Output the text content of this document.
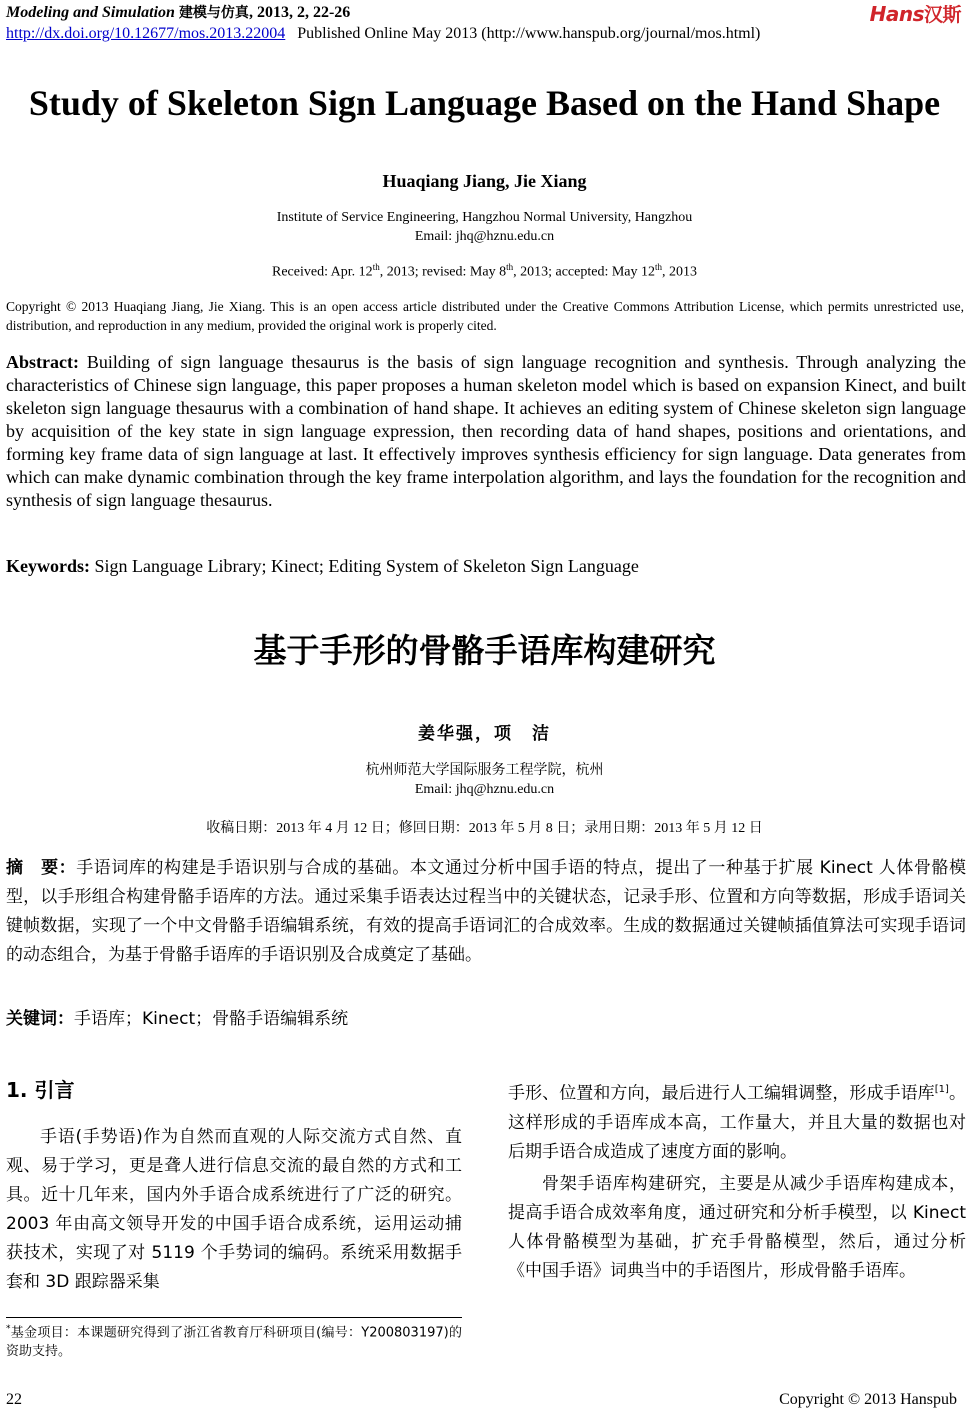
Modeling and Simulation 建模与仿真, 2013, 2, 22-26
http://dx.doi.org/10.12677/mos.2013.22004 Published Online May 2013 (http://www.hanspub.org/journal/mos.html)
Hans汉斯
Study of Skeleton Sign Language Based on the Hand Shape
Huaqiang Jiang, Jie Xiang
Institute of Service Engineering, Hangzhou Normal University, Hangzhou
Email: jhq@hznu.edu.cn
Received: Apr. 12th, 2013; revised: May 8th, 2013; accepted: May 12th, 2013
Copyright © 2013 Huaqiang Jiang, Jie Xiang. This is an open access article distributed under the Creative Commons Attribution License, which permits unrestricted use, distribution, and reproduction in any medium, provided the original work is properly cited.
Abstract: Building of sign language thesaurus is the basis of sign language recognition and synthesis. Through analyzing the characteristics of Chinese sign language, this paper proposes a human skeleton model which is based on expansion Kinect, and built skeleton sign language thesaurus with a combination of hand shape. It achieves an editing system of Chinese skeleton sign language by acquisition of the key state in sign language expression, then recording data of hand shapes, positions and orientations, and forming key frame data of sign language at last. It effectively improves synthesis efficiency for sign language. Data generates from which can make dynamic combination through the key frame interpolation algorithm, and lays the foundation for the recognition and synthesis of sign language thesaurus.
Keywords: Sign Language Library; Kinect; Editing System of Skeleton Sign Language
基于手形的骨骼手语库构建研究
姜华强，项　洁
杭州师范大学国际服务工程学院，杭州
Email: jhq@hznu.edu.cn
收稿日期：2013 年 4 月 12 日；修回日期：2013 年 5 月 8 日；录用日期：2013 年 5 月 12 日
摘　要：手语词库的构建是手语识别与合成的基础。本文通过分析中国手语的特点，提出了一种基于扩展 Kinect 人体骨骼模型，以手形组合构建骨骼手语库的方法。通过采集手语表达过程当中的关键状态，记录手形、位置和方向等数据，形成手语词关键帧数据，实现了一个中文骨骼手语编辑系统，有效的提高手语词汇的合成效率。生成的数据通过关键帧插值算法可实现手语词的动态组合，为基于骨骼手语库的手语识别及合成奠定了基础。
关键词：手语库；Kinect；骨骼手语编辑系统
1. 引言
手语(手势语)作为自然而直观的人际交流方式自然、直观、易于学习，更是聋人进行信息交流的最自然的方式和工具。近十几年来，国内外手语合成系统进行了广泛的研究。2003 年由高文领导开发的中国手语合成系统，运用运动捕获技术，实现了对 5119 个手势词的编码。系统采用数据手套和 3D 跟踪器采集

手形、位置和方向，最后进行人工编辑调整，形成手语库[1]。这样形成的手语库成本高，工作量大，并且大量的数据也对后期手语合成造成了速度方面的影响。

骨架手语库构建研究，主要是从减少手语库构建成本，提高手语合成效率角度，通过研究和分析手模型，以 Kinect 人体骨骼模型为基础，扩充手骨骼模型，然后，通过分析《中国手语》词典当中的手语图片，形成骨骼手语库。

*基金项目：本课题研究得到了浙江省教育厅科研项目(编号：Y200803197)的资助支持。
22	Copyright © 2013 Hanspub
